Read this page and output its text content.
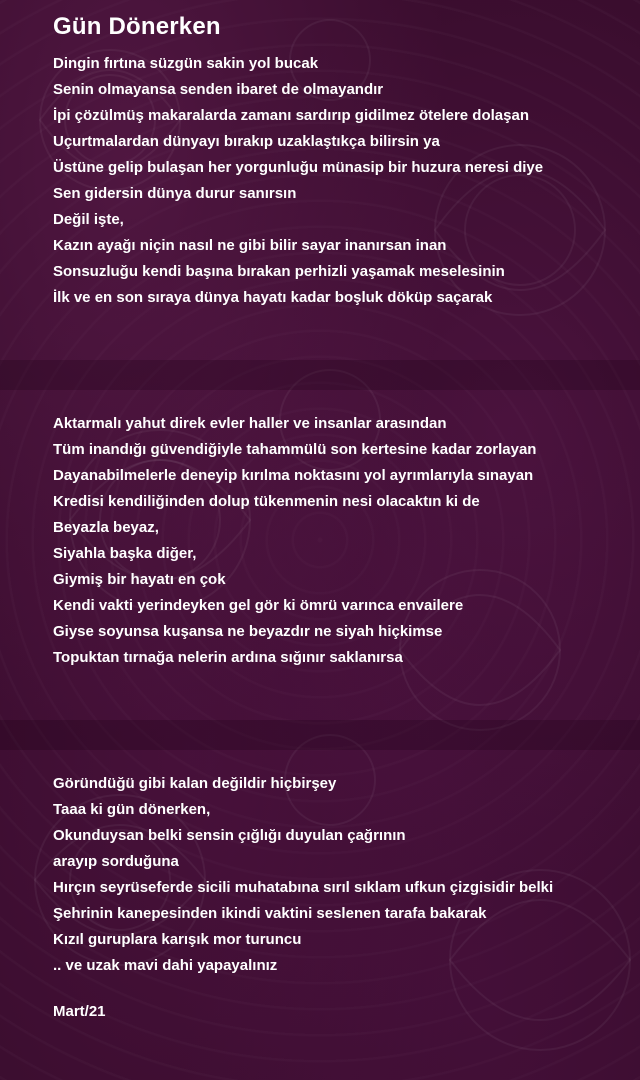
Gün Dönerken
Dingin fırtına süzgün sakin yol bucak
Senin olmayansa senden ibaret de olmayandır
İpi çözülmüş makaralarda zamanı sardırıp gidilmez ötelere dolaşan
Uçurtmalardan dünyayı bırakıp uzaklaştıkça bilirsin ya
Üstüne gelip bulaşan her yorgunluğu münasip bir huzura neresi diye
Sen gidersin dünya durur sanırsın
Değil işte,
Kazın ayağı niçin nasıl ne gibi bilir sayar inanırsan inan
Sonsuzluğu kendi başına bırakan perhizli yaşamak meselesinin
İlk ve en son sıraya dünya hayatı kadar boşluk döküp saçarak
Aktarmalı yahut direk evler haller ve insanlar arasından
Tüm inandığı güvendiğiyle tahammülü son kertesine kadar zorlayan
Dayanabilmelerle deneyip kırılma noktasını yol ayrımlarıyla sınayan
Kredisi kendiliğinden dolup tükenmenin nesi olacaktın ki de
Beyazla beyaz,
Siyahla başka diğer,
Giymiş bir hayatı en çok
Kendi vakti yerindeyken gel gör ki ömrü varınca envailere
Giyse soyunsa kuşansa ne beyazdır ne siyah hiçkimse
Topuktan tırnağa nelerin ardına sığınır saklanırsa
Göründüğü gibi kalan değildir hiçbirşey
Taaa ki gün dönerken,
Okunduysan belki sensin çığlığı duyulan çağrının
arayıp sorduğuna
Hırçın seyrüseferde sicili muhatabına sırıl sıklam ufkun çizgisidir belki
Şehrinin kanepesinden ikindi vaktini seslenen tarafa bakarak
Kızıl guruplara karışık mor turuncu
.. ve uzak mavi dahi yapayalınız
Mart/21
